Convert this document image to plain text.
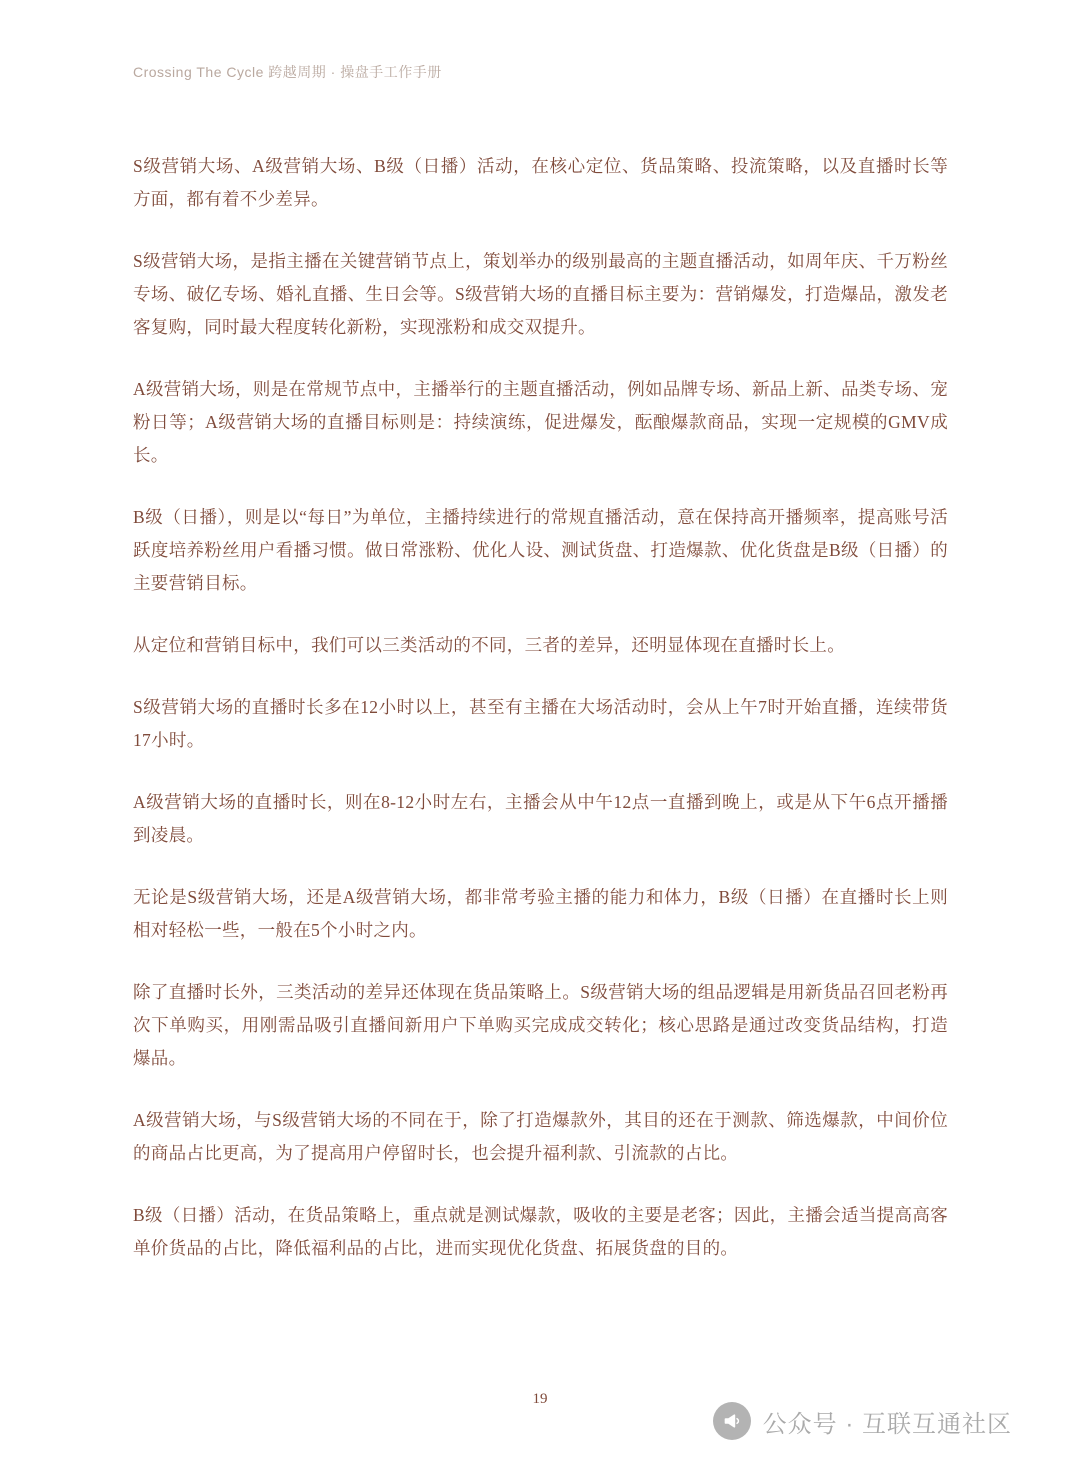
Crossing The Cycle 跨越周期 · 操盘手工作手册

S级营销大场、A级营销大场、B级（日播）活动，在核心定位、货品策略、投流策略，以及直播时长等方面，都有着不少差异。

S级营销大场，是指主播在关键营销节点上，策划举办的级别最高的主题直播活动，如周年庆、千万粉丝专场、破亿专场、婚礼直播、生日会等。S级营销大场的直播目标主要为：营销爆发，打造爆品，激发老客复购，同时最大程度转化新粉，实现涨粉和成交双提升。

A级营销大场，则是在常规节点中，主播举行的主题直播活动，例如品牌专场、新品上新、品类专场、宠粉日等；A级营销大场的直播目标则是：持续演练，促进爆发，酝酿爆款商品，实现一定规模的GMV成长。

B级（日播），则是以“每日”为单位，主播持续进行的常规直播活动，意在保持高开播频率，提高账号活跃度培养粉丝用户看播习惯。做日常涨粉、优化人设、测试货盘、打造爆款、优化货盘是B级（日播）的主要营销目标。

从定位和营销目标中，我们可以三类活动的不同，三者的差异，还明显体现在直播时长上。

S级营销大场的直播时长多在12小时以上，甚至有主播在大场活动时，会从上午7时开始直播，连续带货17小时。

A级营销大场的直播时长，则在8-12小时左右，主播会从中午12点一直播到晚上，或是从下午6点开播播到凌晨。

无论是S级营销大场，还是A级营销大场，都非常考验主播的能力和体力，B级（日播）在直播时长上则相对轻松一些，一般在5个小时之内。

除了直播时长外，三类活动的差异还体现在货品策略上。S级营销大场的组品逻辑是用新货品召回老粉再次下单购买，用刚需品吸引直播间新用户下单购买完成成交转化；核心思路是通过改变货品结构，打造爆品。

A级营销大场，与S级营销大场的不同在于，除了打造爆款外，其目的还在于测款、筛选爆款，中间价位的商品占比更高，为了提高用户停留时长，也会提升福利款、引流款的占比。

B级（日播）活动，在货品策略上，重点就是测试爆款，吸收的主要是老客；因此，主播会适当提高高客单价货品的占比，降低福利品的占比，进而实现优化货盘、拓展货盘的目的。

19
公众号 · 互联互通社区
